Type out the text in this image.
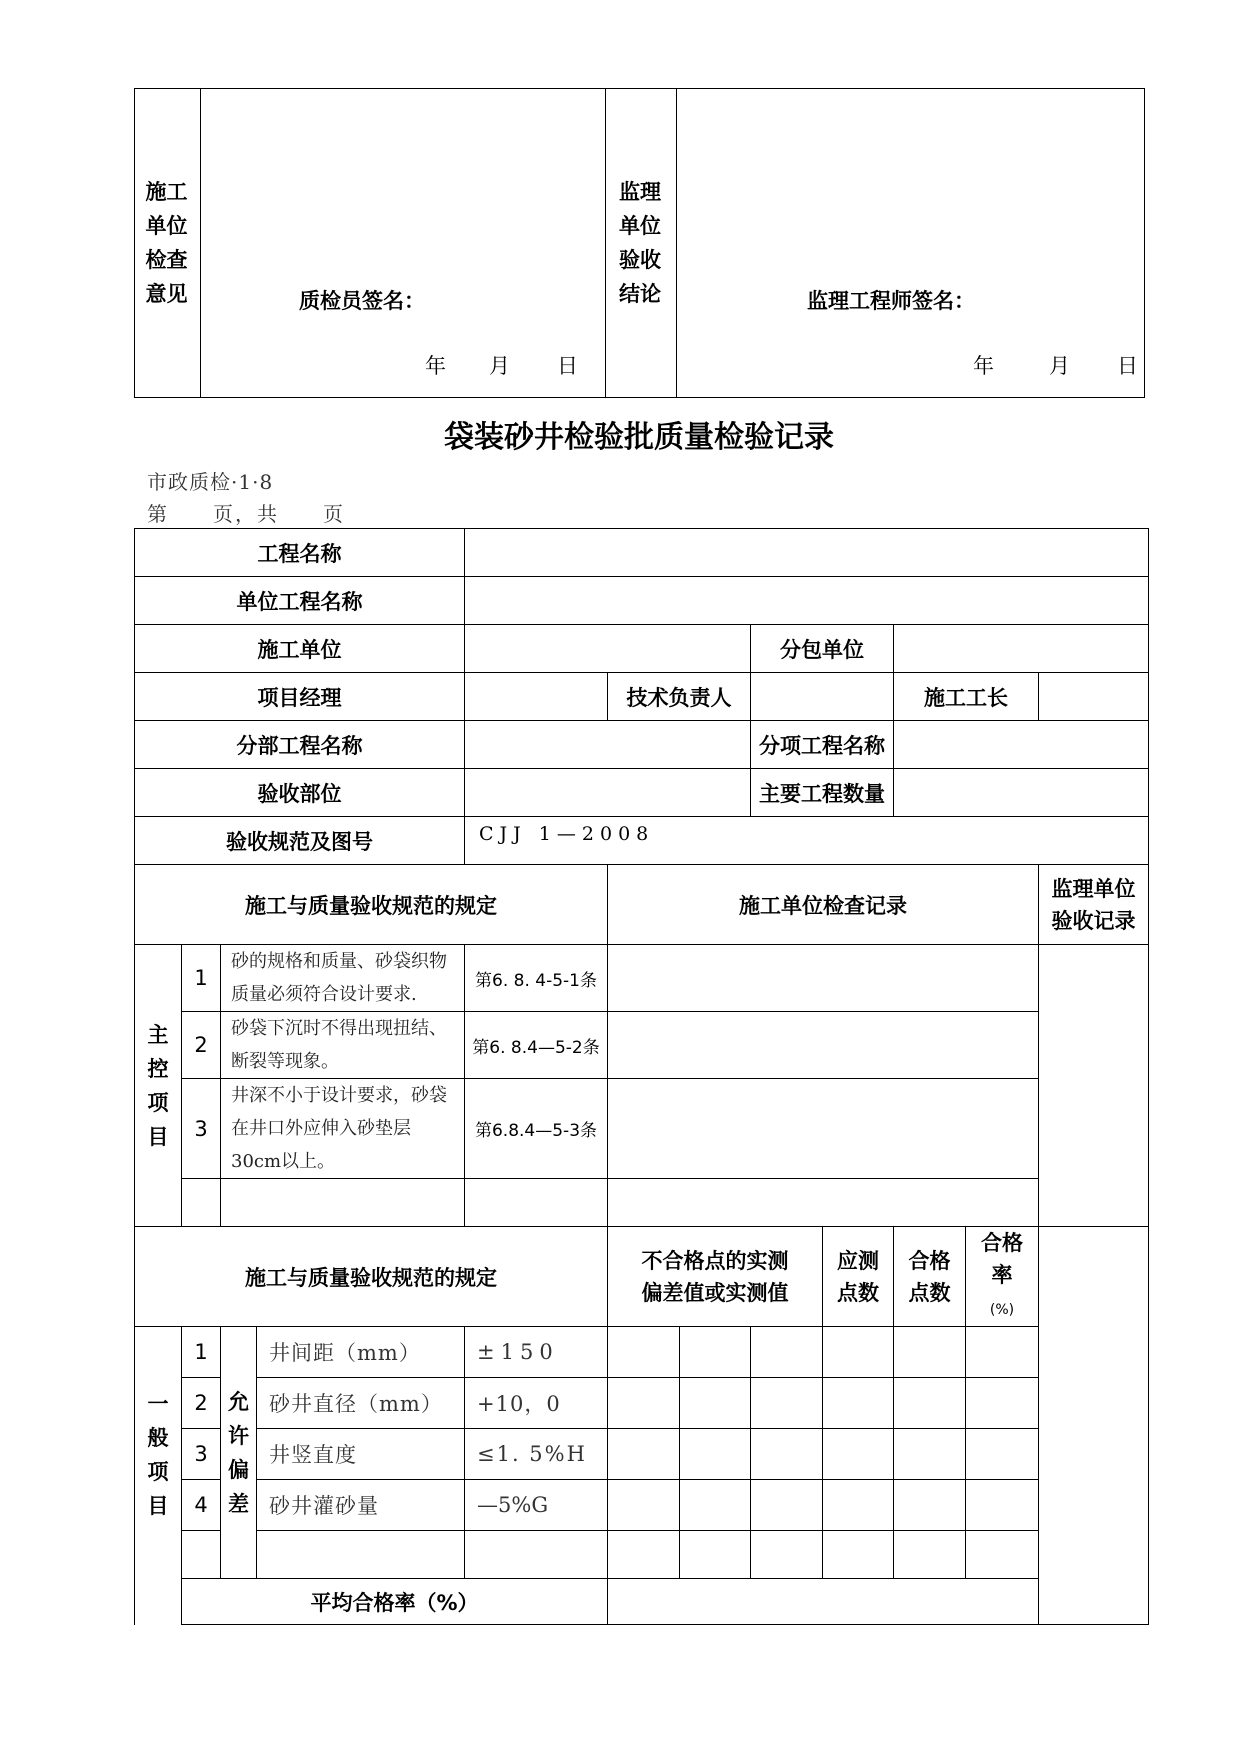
施工单位检查意见	质检员签名：
年 月 日
	监理单位验收结论	监理工程师签名：
年	月 日
袋装砂井检验批质量检验记录
市政质检·1·8
第　　页，共　　页
工程名称											
单位工程名称											
施工单位							分包单位				
项目经理					技术负责人				施工工长		
分部工程名称							分项工程名称				
验收部位							主要工程数量				
验收规范及图号				CJJ 1—2008							
施工与质量验收规范的规定					施工单位检查记录						监理单位验收记录
主控项目	1	砂的规格和质量、砂袋织物质量必须符合设计要求.		第6. 8. 4-5-1条							
	2	砂袋下沉时不得出现扭结、断裂等现象。		第6. 8.4—5-2条							
	3	井深不小于设计要求，砂袋在井口外应伸入砂垫层30cm以上。		第6.8.4—5-3条							

施工与质量验收规范的规定					不合格点的实测偏差值或实测值			应测点数	合格点数	合格率
(%)	
一般项目	1	允许偏差	井间距（mm）	±150							
	2		砂井直径（mm）	+10，0							
	3		井竖直度	≤1. 5%H							
	4		砂井灌砂量	—5%G							

	平均合格率（%）										
